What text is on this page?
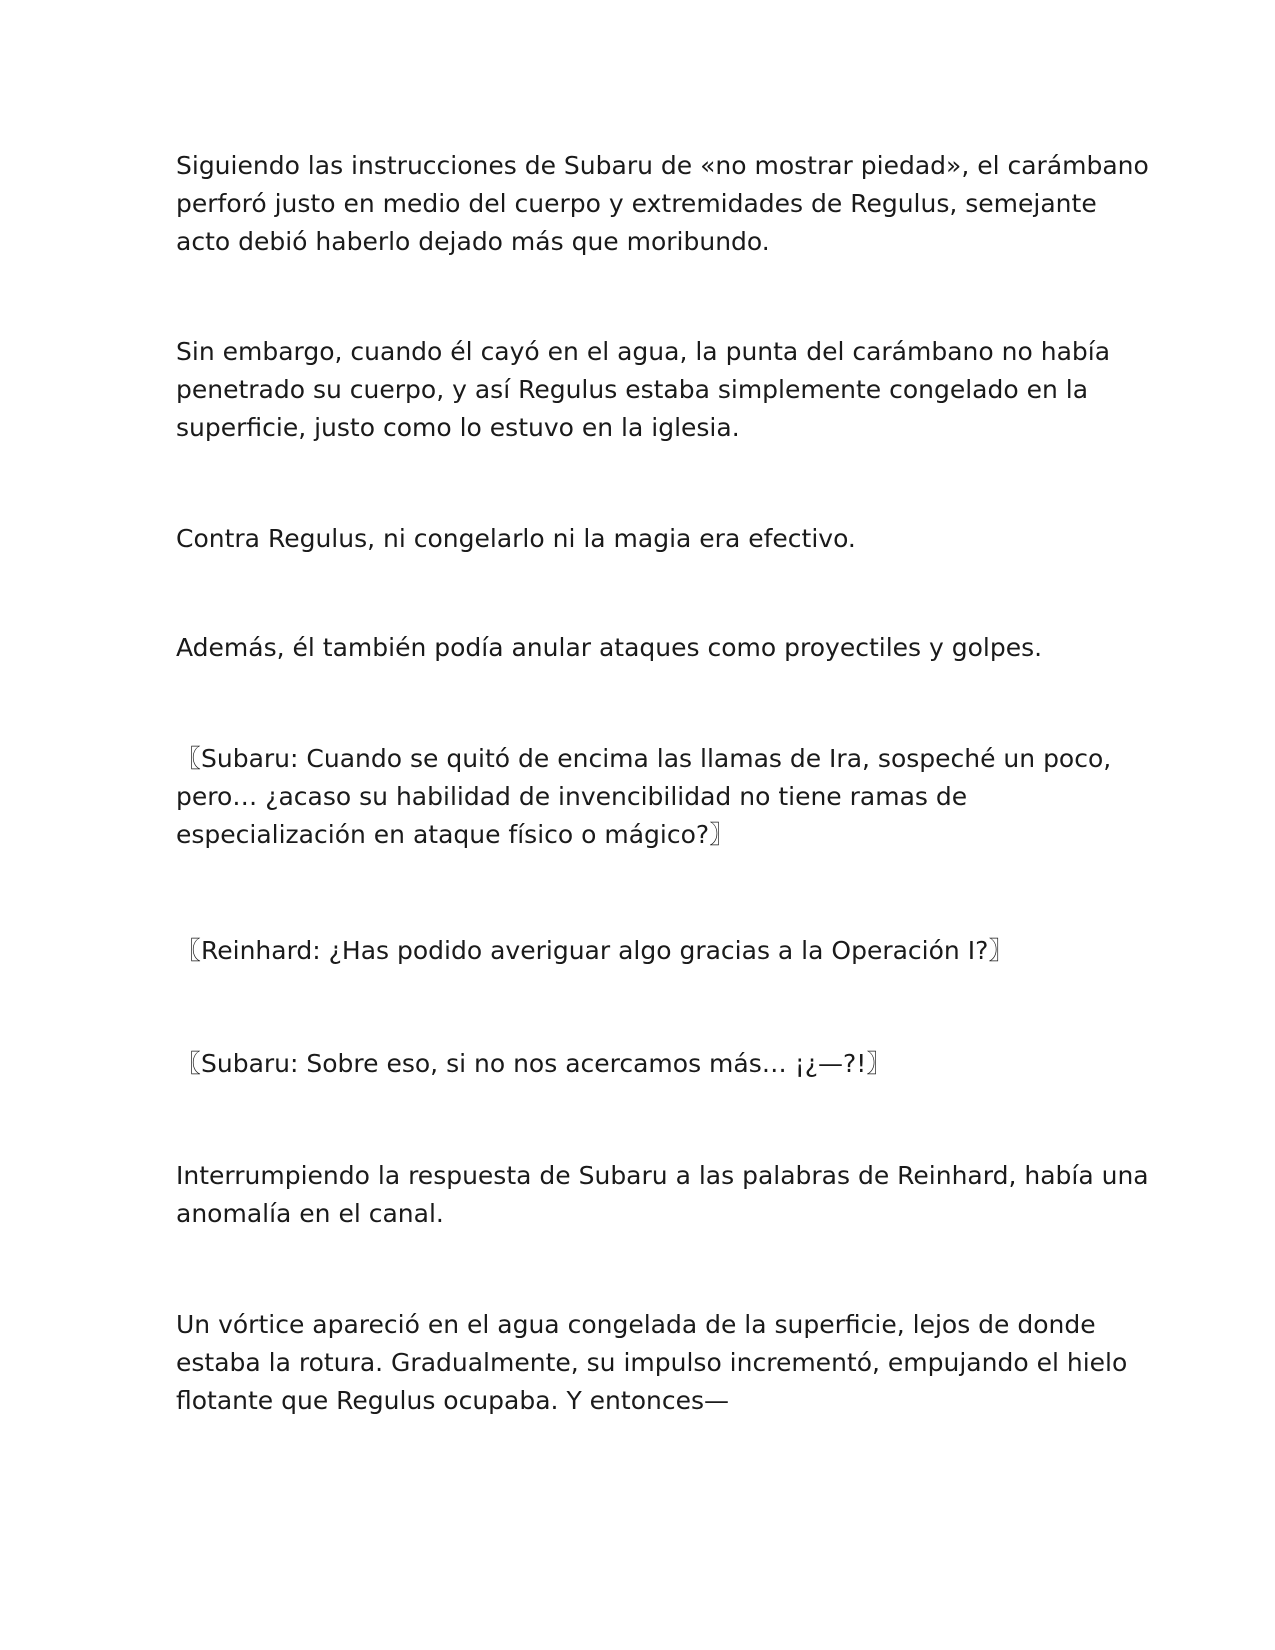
Siguiendo las instrucciones de Subaru de «no mostrar piedad», el carámbano
perforó justo en medio del cuerpo y extremidades de Regulus, semejante
acto debió haberlo dejado más que moribundo.

Sin embargo, cuando él cayó en el agua, la punta del carámbano no había
penetrado su cuerpo, y así Regulus estaba simplemente congelado en la
superficie, justo como lo estuvo en la iglesia.

Contra Regulus, ni congelarlo ni la magia era efectivo.

Además, él también podía anular ataques como proyectiles y golpes.

〖Subaru: Cuando se quitó de encima las llamas de Ira, sospeché un poco,
pero… ¿acaso su habilidad de invencibilidad no tiene ramas de
especialización en ataque físico o mágico?〗

〖Reinhard: ¿Has podido averiguar algo gracias a la Operación I?〗

〖Subaru: Sobre eso, si no nos acercamos más… ¡¿—?!〗

Interrumpiendo la respuesta de Subaru a las palabras de Reinhard, había una
anomalía en el canal.

Un vórtice apareció en el agua congelada de la superficie, lejos de donde
estaba la rotura. Gradualmente, su impulso incrementó, empujando el hielo
flotante que Regulus ocupaba. Y entonces—
